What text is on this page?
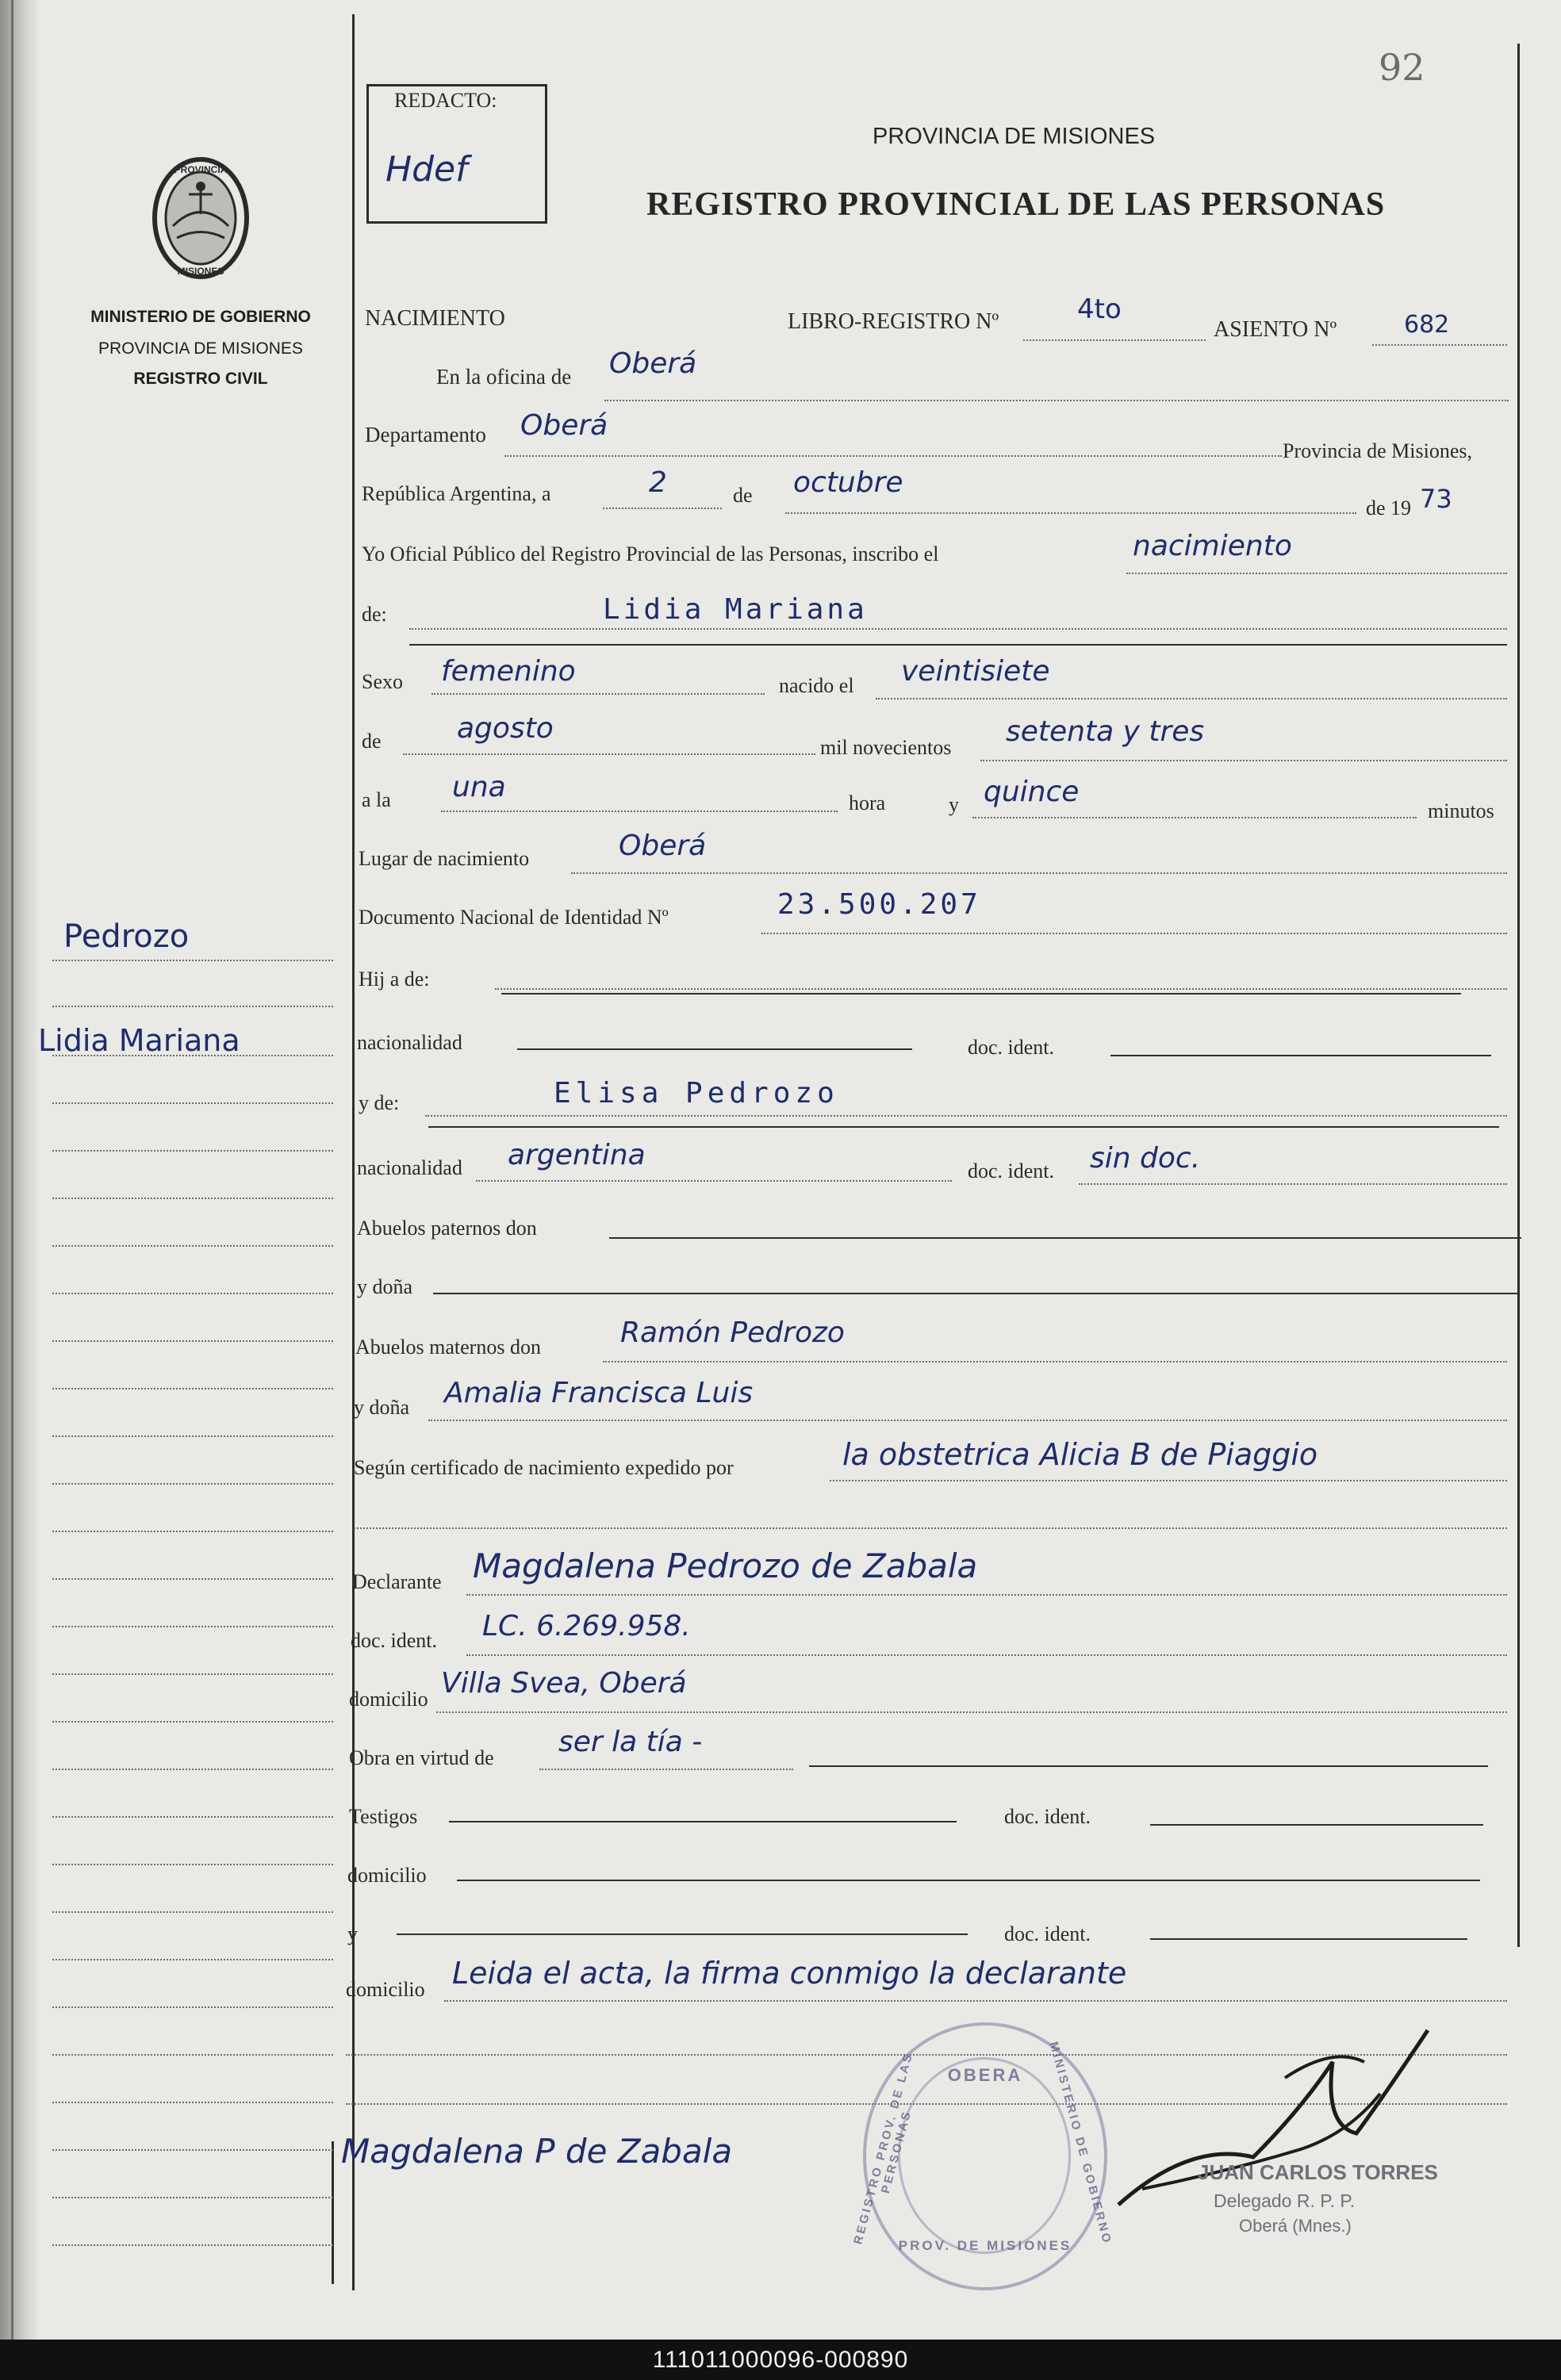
92
REDACTO:
Hdef
PROVINCIA DE MISIONES
REGISTRO PROVINCIAL DE LAS PERSONAS
PROVINCIA
MISIONES
MINISTERIO DE GOBIERNO
PROVINCIA DE MISIONES
REGISTRO CIVIL
Pedrozo
Lidia Mariana
NACIMIENTO	LIBRO-REGISTRO Nº	4to
ASIENTO Nº	682
En la oficina de Oberá
Departamento Oberá
Provincia de Misiones,
República Argentina, a	2	de octubre
de 19 73
Yo Oficial Público del Registro Provincial de las Personas, inscribo el	nacimiento
de:	Lidia Mariana
Sexo femenino	nacido el veintisiete
de	agosto
mil novecientos setenta y tres
a la una	hora	y quince
minutos
Lugar de nacimiento	Oberá
Documento Nacional de Identidad Nº	23.500.207
Hij a de:
nacionalidad	doc. ident.
y de:	Elisa Pedrozo
nacionalidad argentina	doc. ident. sin doc.
Abuelos paternos don
y doña
Abuelos maternos don	Ramón Pedrozo
y doña Amalia Francisca Luis
Según certificado de nacimiento expedido por	la obstetrica Alicia B de Piaggio
Declarante Magdalena Pedrozo de Zabala
doc. ident. LC. 6.269.958.
domicilio Villa Svea, Oberá
Obra en virtud de ser la tía -
Testigos	doc. ident.
domicilio
y	doc. ident.
domicilio Leida el acta, la firma conmigo la declarante
Magdalena P de Zabala
OBERA
REGISTRO PROV. DE LAS PERSONAS	MINISTERIO DE GOBIERNO
PROV. DE MISIONES
JUAN CARLOS TORRES
Delegado R. P. P.
Oberá (Mnes.)
111011000096-000890
